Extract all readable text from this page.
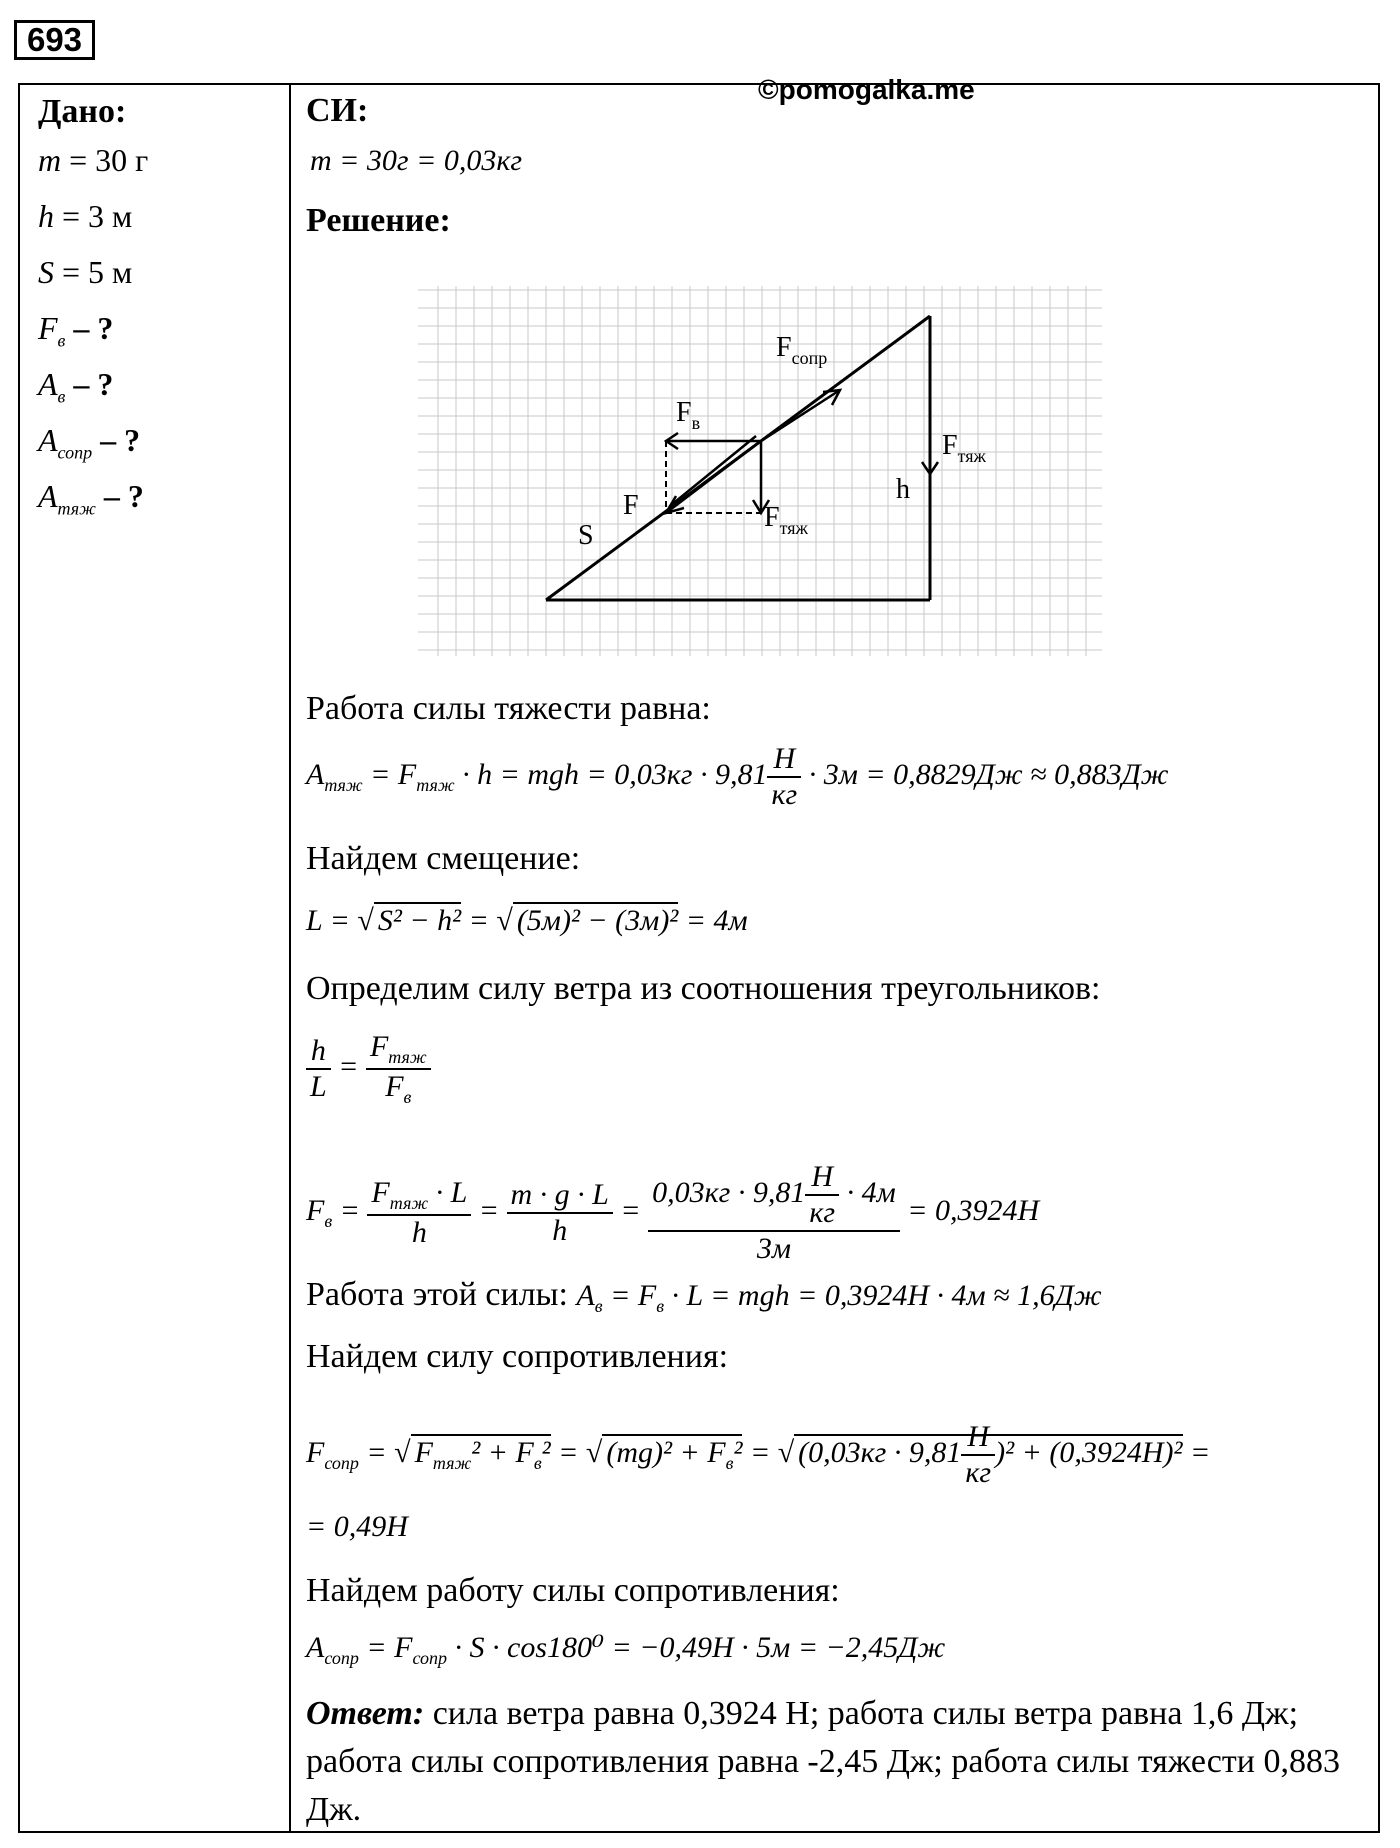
693
©pomogalka.me
Дано:
m = 30 г
h = 3 м
S = 5 м
$F_в$ – ?
$A_в$ – ?
$A_{сопр}$ – ?
$A_{тяж}$ – ?
СИ:
m = 30г = 0,03кг
Решение:
$F_{сопр}$
$F_в$
F	$F_{тяж}$
$F_{тяж}$
S
h
Работа силы тяжести равна:
$A_{тяж} = F_{тяж} \cdot h$ = mgh = $0,03кг \cdot 9,81 \frac{H}{кг} \cdot 3м = 0,8829Дж \approx 0,883Дж$
Найдем смещение:
L = √ S² − h² = √ (5м)² − (3м)² = 4м
Определим силу ветра из соотношения треугольников:
$\frac{h}{L} = \frac{F_{тяж}}{F_в}$
$F_в = \frac{F_{тяж} \cdot L}{h} = \frac{m \cdot g \cdot L}{h} = \frac{0,03кг \cdot 9,81 \frac{H}{кг} \cdot 4м}{3м} = 0,3924H$
Работа этой силы: $A_в = F_в \cdot L$ = mgh = 0,3924H · 4м ≈ 1,6Дж
Найдем силу сопротивления:
$F_{сопр}$ = √ $F_{тяж}^2 + F_в^2$ = √ $(mg)^2 + F_в^2$ = √ $(0,03кг \cdot 9,81 \frac{H}{кг} )^2 + (0,3924H)^2$ =
= 0,49H
Найдем работу силы сопротивления:
$A_{сопр} = F_{сопр} \cdot S \cdot \cos 180^0 = -0,49H \cdot 5м = -2,45Дж$
Ответ: сила ветра равна 0,3924 Н; работа силы ветра равна 1,6 Дж; работа силы сопротивления равна -2,45 Дж; работа силы тяжести 0,883 Дж.
